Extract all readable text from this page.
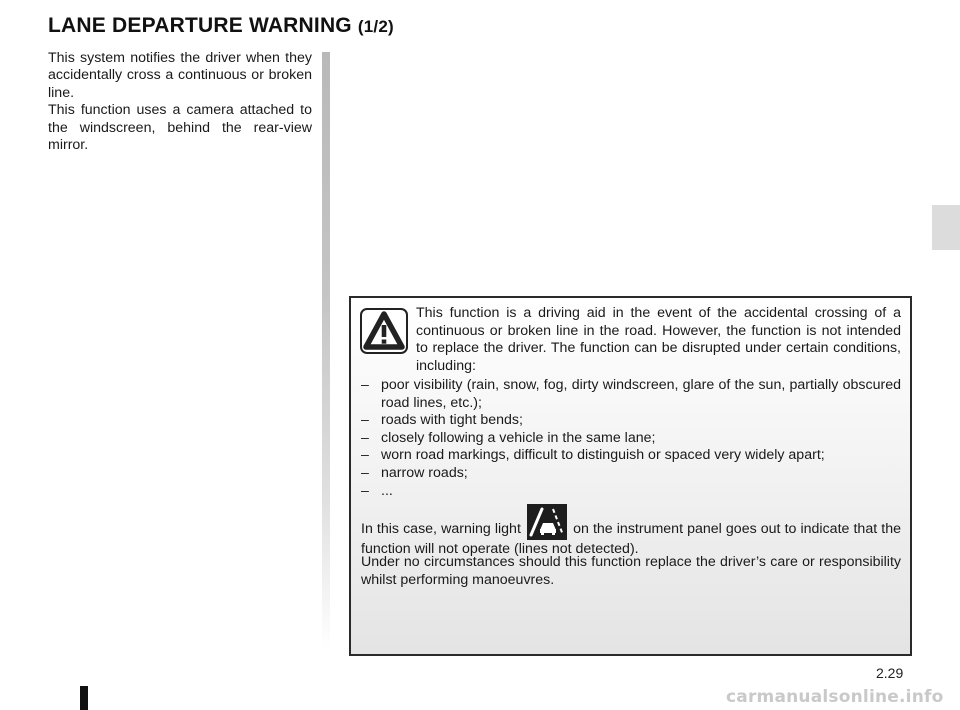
LANE DEPARTURE WARNING (1/2)

This system notifies the driver when they accidentally cross a continuous or broken line.

This function uses a camera attached to the windscreen, behind the rear-view mirror.

This function is a driving aid in the event of the accidental crossing of a continuous or broken line in the road. However, the function is not intended to replace the driver. The function can be disrupted under certain conditions, including:

– poor visibility (rain, snow, fog, dirty windscreen, glare of the sun, partially obscured road lines, etc.);
– roads with tight bends;
– closely following a vehicle in the same lane;
– worn road markings, difficult to distinguish or spaced very widely apart;
– narrow roads;
– ...

In this case, warning light	on the instrument panel goes out to indicate that the function will not operate (lines not detected).

Under no circumstances should this function replace the driver’s care or responsibility whilst performing manoeuvres.

2.29
carmanualsonline.info
